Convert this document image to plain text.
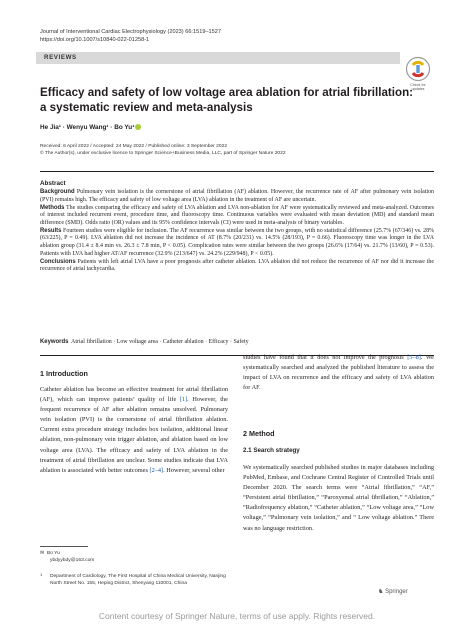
Journal of Interventional Cardiac Electrophysiology (2023) 66:1519–1527
https://doi.org/10.1007/s10840-022-01258-1
REVIEWS
Check for
updates
Efficacy and safety of low voltage area ablation for atrial fibrillation:
a systematic review and meta-analysis
He Jia¹ · Wenyu Wang¹ · Bo Yu¹
Received: 6 April 2022 / Accepted: 24 May 2022 / Published online: 3 September 2022
© The Author(s), under exclusive licence to Springer Science+Business Media, LLC, part of Springer Nature 2022
Abstract

Background Pulmonary vein isolation is the cornerstone of atrial fibrillation (AF) ablation. However, the recurrence rate of AF after pulmonary vein isolation (PVI) remains high. The efficacy and safety of low voltage area (LVA) ablation in the treatment of AF are uncertain.

Methods The studies comparing the efficacy and safety of LVA ablation and LVA non-ablation for AF were systematically reviewed and meta-analyzed. Outcomes of interest included recurrent event, procedure time, and fluoroscopy time. Continuous variables were evaluated with mean deviation (MD) and standard mean difference (SMD). Odds ratio (OR) values and its 95% confidence intervals (CI) were used in meta-analysis of binary variables.

Results Fourteen studies were eligible for inclusion. The AF recurrence was similar between the two groups, with no statistical difference (25.7% (67/346) vs. 28% (63/225), P = 0.49). LVA ablation did not increase the incidence of AT (8.7% (20/231) vs. 14.5% (28/193), P = 0.66). Fluoroscopy time was longer in the LVA ablation group (31.4 ± 8.4 min vs. 26.3 ± 7.8 min, P < 0.05). Complication rates were similar between the two groups (26.6% (17/64) vs. 21.7% (13/60), P = 0.53). Patients with LVA had higher AT/AF recurrence (32.9% (213/647) vs. 24.2% (229/948), P < 0.05).

Conclusions Patients with left atrial LVA have a poor prognosis after catheter ablation. LVA ablation did not reduce the recurrence of AF nor did it increase the recurrence of atrial tachycardia.

Keywords Atrial fibrillation · Low voltage area · Catheter ablation · Efficacy · Safety
1 Introduction
Catheter ablation has become an effective treatment for atrial fibrillation (AF), which can improve patients’ quality of life [1]. However, the frequent recurrence of AF after ablation remains unsolved. Pulmonary vein isolation (PVI) is the cornerstone of atrial fibrillation ablation. Current extra procedure strategy includes box isolation, additional linear ablation, non-pulmonary vein trigger ablation, and ablation based on low voltage area (LVA). The efficacy and safety of LVA ablation in the treatment of atrial fibrillation are unclear. Some studies indicate that LVA ablation is associated with better outcomes [2–4]. However, several other
✉ Bo Yu
ybdyybdy@163.com
1	Department of Cardiology, The First Hospital of China Medical University, Nanjing North Street No. 155, Heping District, Shenyang 110001, China
studies have found that it does not improve the prognosis [5–8]. We systematically searched and analyzed the published literature to assess the impact of LVA on recurrence and the efficacy and safety of LVA ablation for AF.
2 Method
2.1 Search strategy
We systematically searched published studies in major databases including PubMed, Embase, and Cochrane Central Register of Controlled Trials until December 2020. The search terms were “Atrial fibrillation,” “AF,” “Persistent atrial fibrillation,” “Paroxysmal atrial fibrillation,” “Ablation,” “Radiofrequency ablation,” “Catheter ablation,” “Low voltage area,” “Low voltage,” “Pulmonary vein isolation,” and “ Low voltage ablation.” There was no language restriction.
♞ Springer
Content courtesy of Springer Nature, terms of use apply. Rights reserved.
